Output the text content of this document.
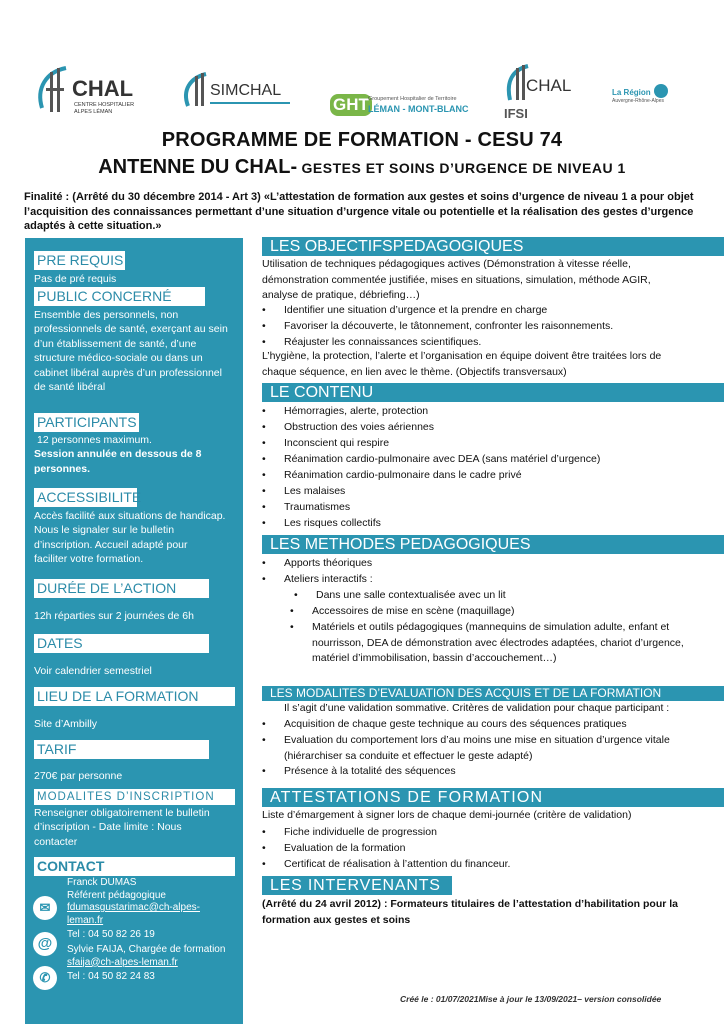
CHAL
CENTRE HOSPITALIER
ALPES LÉMAN
SIMCHAL
GHT Groupement Hospitalier de Territoire
LÉMAN - MONT-BLANC
CHAL
IFSI
La Région
Auvergne-Rhône-Alpes
PROGRAMME DE FORMATION - CESU 74
ANTENNE DU CHAL- GESTES ET SOINS D’URGENCE DE NIVEAU 1
Finalité : (Arrêté du 30 décembre 2014 - Art 3) «L’attestation de formation aux gestes et soins d’urgence de niveau 1 a pour objet l’acquisition des connaissances permettant d’une situation d’urgence vitale ou potentielle et la réalisation des gestes d’urgence adaptés à cette situation.»
PRE REQUIS
Pas de pré requis
PUBLIC CONCERNÉ
Ensemble des personnels, non
professionnels de santé, exerçant au sein
d’un établissement de santé, d’une
structure médico-sociale ou dans un
cabinet libéral auprès d’un professionnel
de santé libéral
PARTICIPANTS
12 personnes maximum.
Session annulée en dessous de 8
personnes.
ACCESSIBILITE
Accès facilité aux situations de handicap.
Nous le signaler sur le bulletin
d’inscription. Accueil adapté pour
faciliter votre formation.
DURÉE DE L’ACTION
12h réparties sur 2 journées de 6h
DATES
Voir calendrier semestriel
LIEU DE LA FORMATION
Site d’Ambilly
TARIF
270€ par personne
MODALITES D’INSCRIPTION
Renseigner obligatoirement le bulletin
d’inscription - Date limite : Nous
contacter
CONTACT
✉
@
✆
Franck DUMAS
Référent pédagogique
fdumasgustarimac@ch-alpes-
leman.fr
Tel : 04 50 82 26 19
Sylvie FAIJA, Chargée de formation
sfaija@ch-alpes-leman.fr
Tel : 04 50 82 24 83
LES OBJECTIFSPEDAGOGIQUES
Utilisation de techniques pédagogiques actives (Démonstration à vitesse réelle,
démonstration commentée justifiée, mises en situations, simulation, méthode AGIR,
analyse de pratique, débriefing…)
• Identifier une situation d’urgence et la prendre en charge
• Favoriser la découverte, le tâtonnement, confronter les raisonnements.
• Réajuster les connaissances scientifiques.
L’hygiène, la protection, l’alerte et l’organisation en équipe doivent être traitées lors de
chaque séquence, en lien avec le thème. (Objectifs transversaux)
LE CONTENU
• Hémorragies, alerte, protection
• Obstruction des voies aériennes
• Inconscient qui respire
• Réanimation cardio-pulmonaire avec DEA (sans matériel d’urgence)
• Réanimation cardio-pulmonaire dans le cadre privé
• Les malaises
• Traumatismes
• Les risques collectifs
LES METHODES PEDAGOGIQUES
• Apports théoriques
• Ateliers interactifs :
• Dans une salle contextualisée avec un lit
• Accessoires de mise en scène (maquillage)
• Matériels et outils pédagogiques (mannequins de simulation adulte, enfant et
nourrisson, DEA de démonstration avec électrodes adaptées, chariot d’urgence,
matériel d’immobilisation, bassin d’accouchement…)
LES MODALITES D’EVALUATION DES ACQUIS ET DE LA FORMATION
Il s’agit d’une validation sommative. Critères de validation pour chaque participant :
• Acquisition de chaque geste technique au cours des séquences pratiques
• Evaluation du comportement lors d’au moins une mise en situation d’urgence vitale
(hiérarchiser sa conduite et effectuer le geste adapté)
• Présence à la totalité des séquences
ATTESTATIONS DE FORMATION
Liste d’émargement à signer lors de chaque demi-journée (critère de validation)
• Fiche individuelle de progression
• Evaluation de la formation
• Certificat de réalisation à l’attention du financeur.
LES INTERVENANTS
(Arrêté du 24 avril 2012) : Formateurs titulaires de l’attestation d’habilitation pour la
formation aux gestes et soins
Créé le : 01/07/2021Mise à jour le 13/09/2021– version consolidée
